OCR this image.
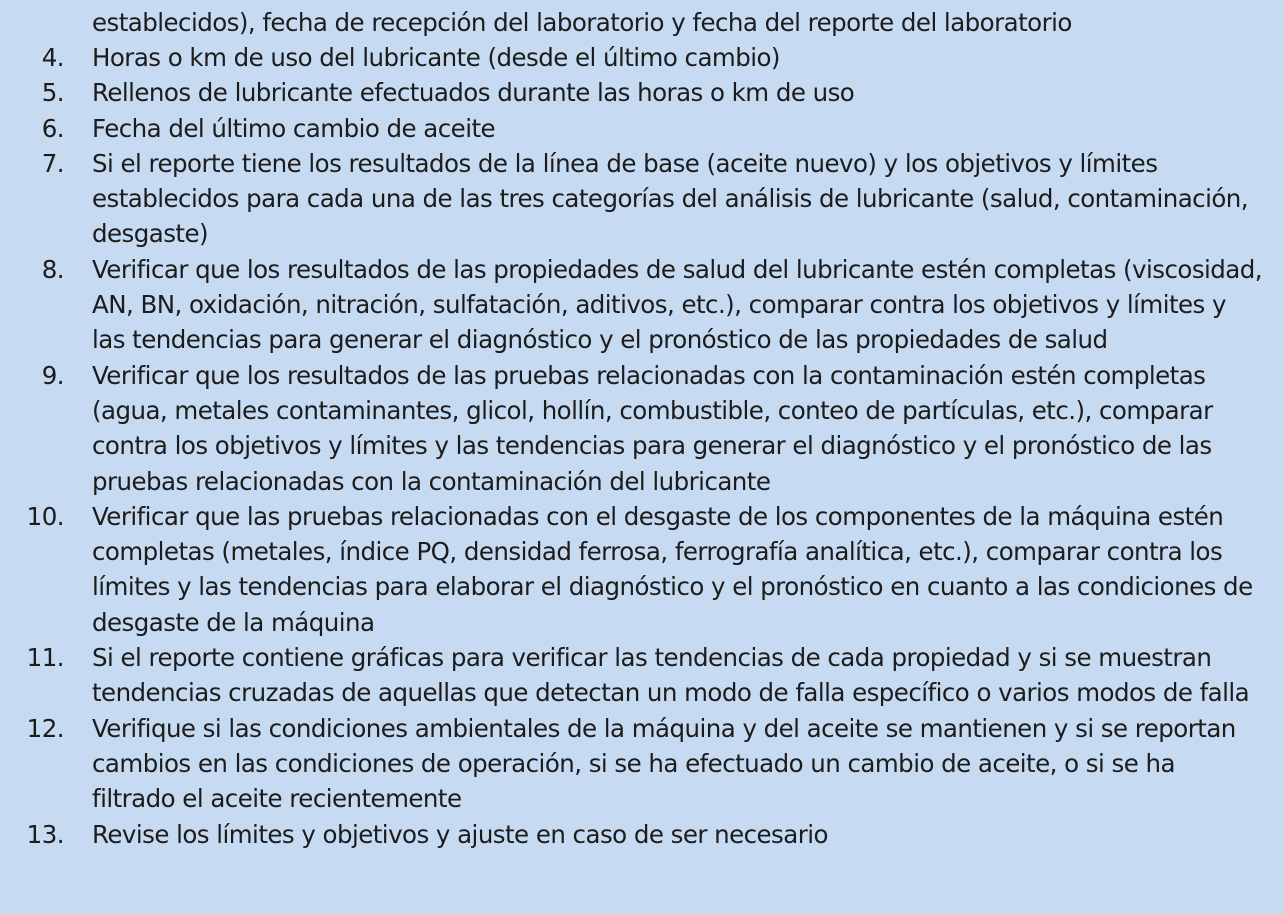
establecidos), fecha de recepción del laboratorio y fecha del reporte del laboratorio

4. Horas o km de uso del lubricante (desde el último cambio)
5. Rellenos de lubricante efectuados durante las horas o km de uso
6. Fecha del último cambio de aceite
7. Si el reporte tiene los resultados de la línea de base (aceite nuevo) y los objetivos y límites establecidos para cada una de las tres categorías del análisis de lubricante (salud, contaminación, desgaste)
8. Verificar que los resultados de las propiedades de salud del lubricante estén completas (viscosidad, AN, BN, oxidación, nitración, sulfatación, aditivos, etc.), comparar contra los objetivos y límites y las tendencias para generar el diagnóstico y el pronóstico de las propiedades de salud
9. Verificar que los resultados de las pruebas relacionadas con la contaminación estén completas (agua, metales contaminantes, glicol, hollín, combustible, conteo de partículas, etc.), comparar contra los objetivos y límites y las tendencias para generar el diagnóstico y el pronóstico de las pruebas relacionadas con la contaminación del lubricante
10. Verificar que las pruebas relacionadas con el desgaste de los componentes de la máquina estén completas (metales, índice PQ, densidad ferrosa, ferrografía analítica, etc.), comparar contra los límites y las tendencias para elaborar el diagnóstico y el pronóstico en cuanto a las condiciones de desgaste de la máquina
11. Si el reporte contiene gráficas para verificar las tendencias de cada propiedad y si se muestran tendencias cruzadas de aquellas que detectan un modo de falla específico o varios modos de falla
12. Verifique si las condiciones ambientales de la máquina y del aceite se mantienen y si se reportan cambios en las condiciones de operación, si se ha efectuado un cambio de aceite, o si se ha filtrado el aceite recientemente
13. Revise los límites y objetivos y ajuste en caso de ser necesario
